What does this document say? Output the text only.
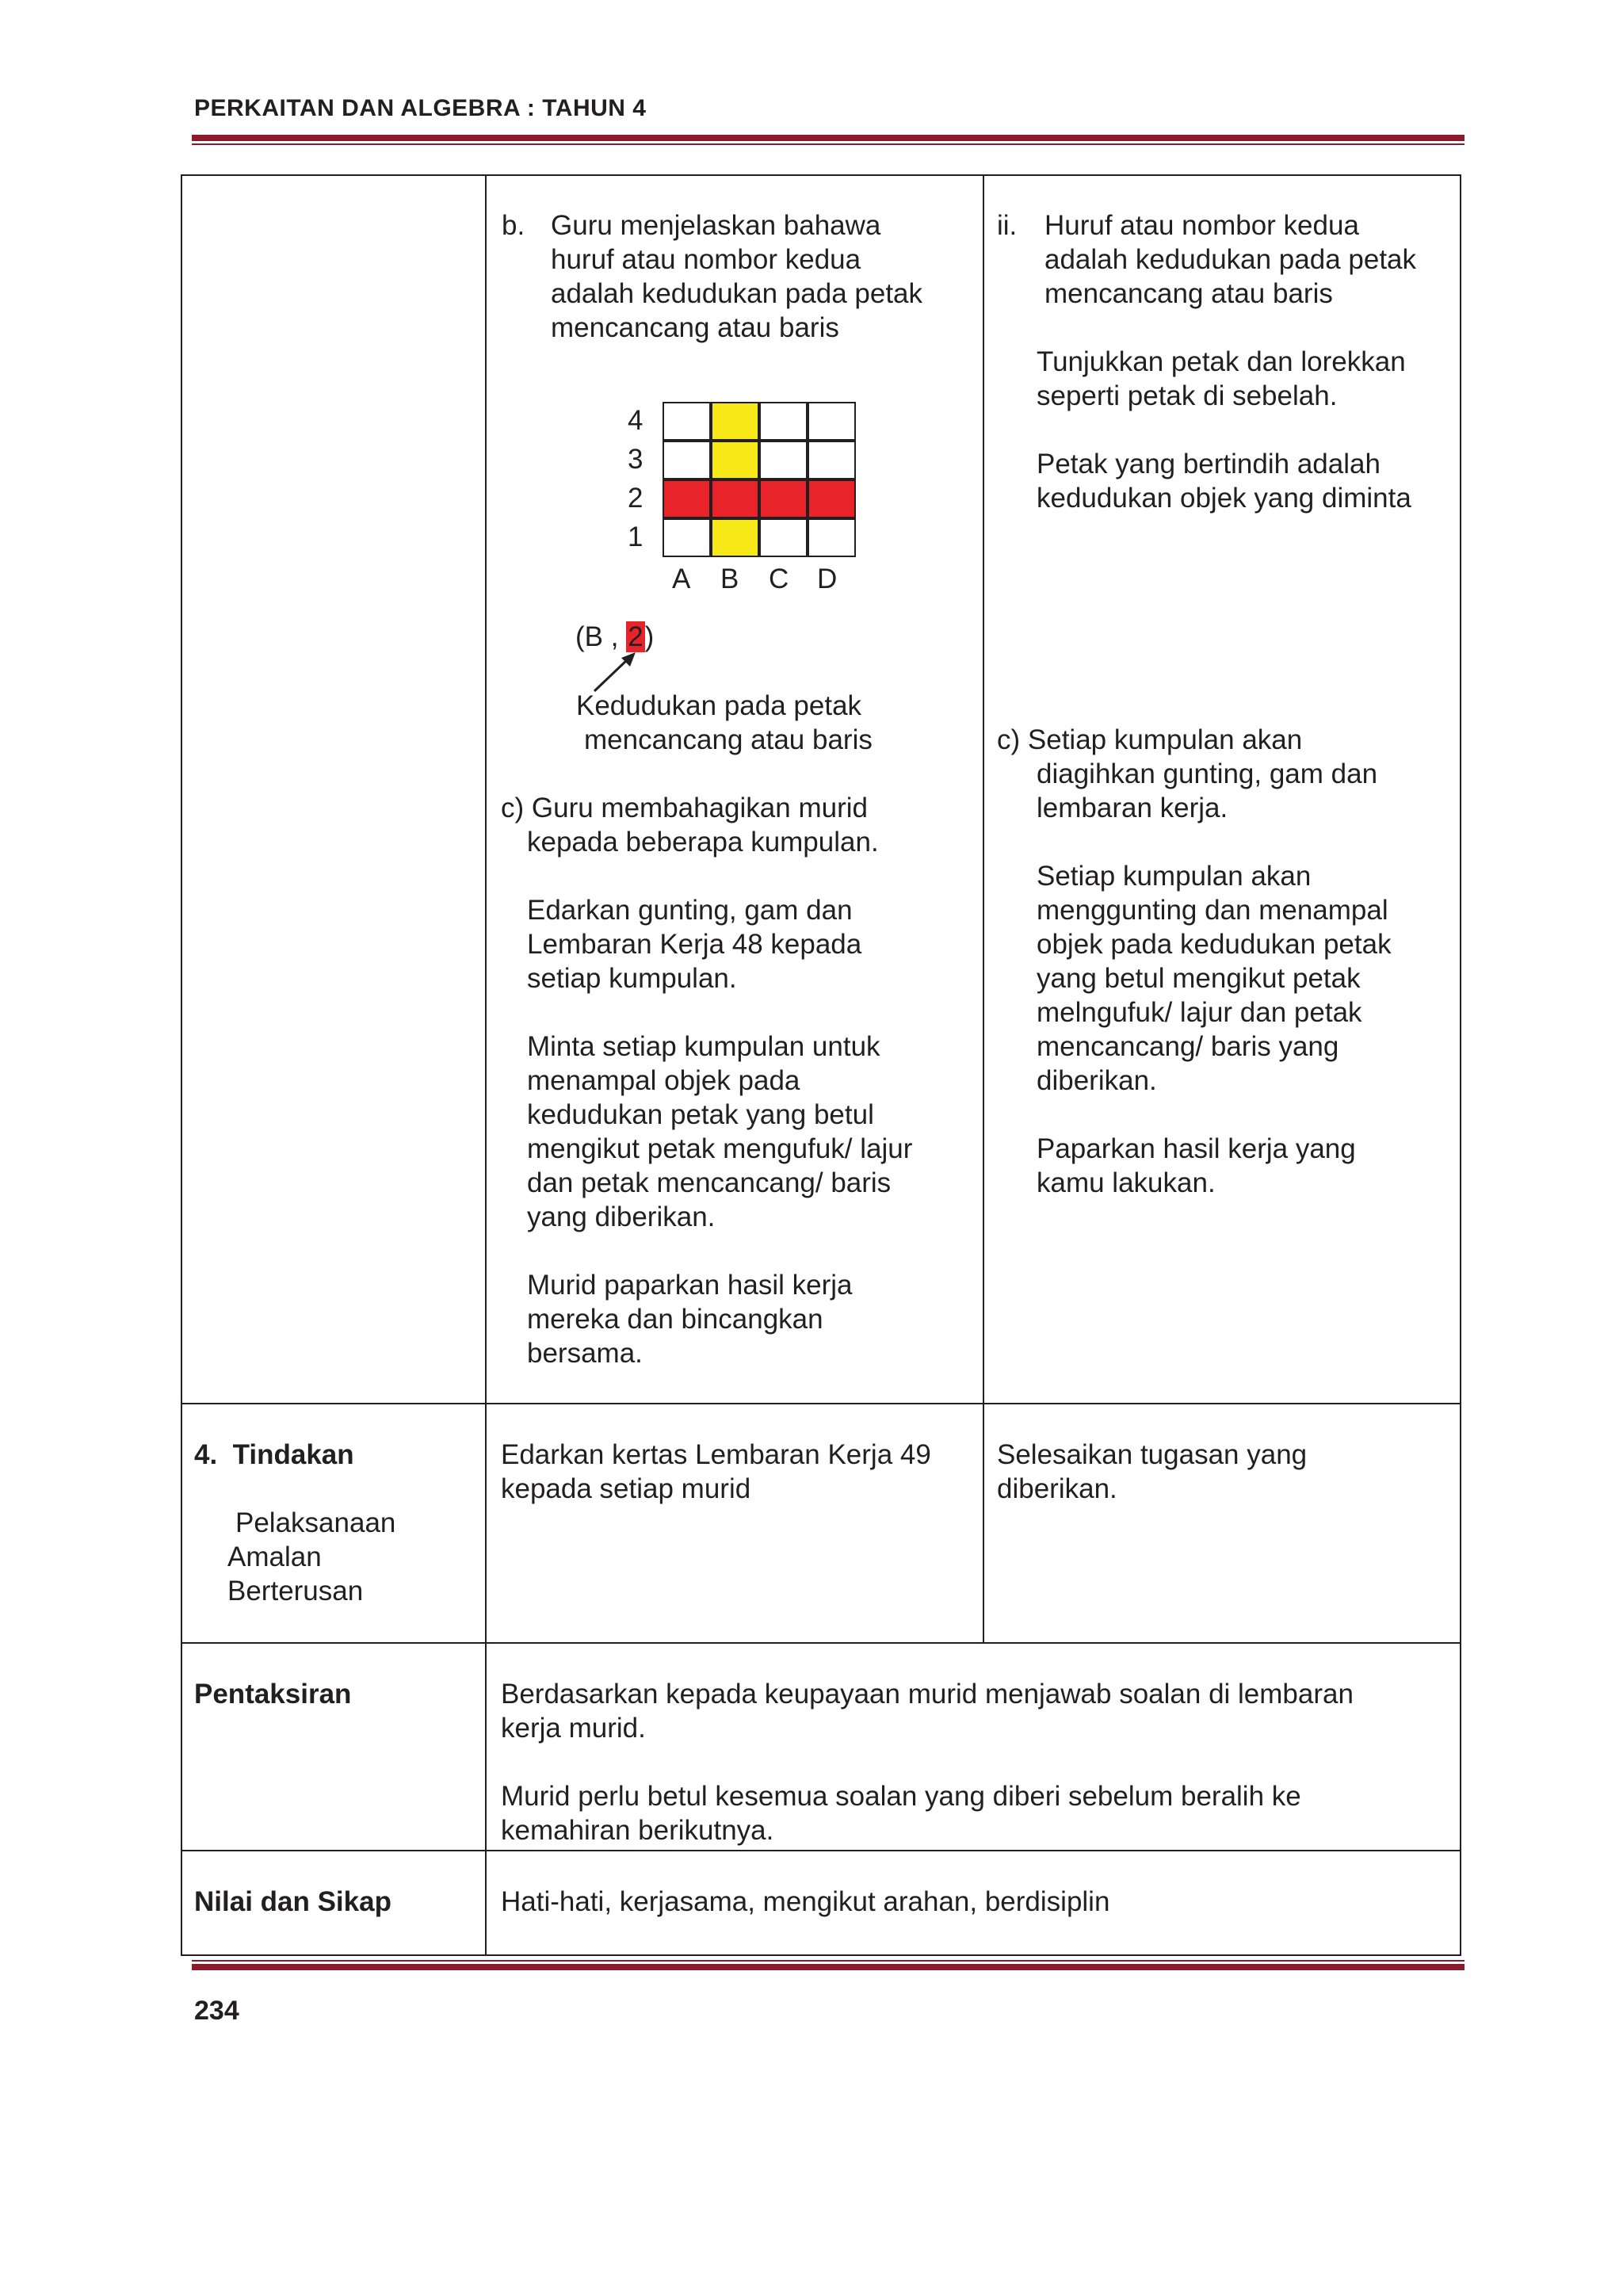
PERKAITAN DAN ALGEBRA : TAHUN 4
b. Guru menjelaskan bahawa
huruf atau nombor kedua
adalah kedudukan pada petak
mencancang atau baris
4
3
2
1
A B C D
(B , 2)
Kedudukan pada petak
mencancang atau baris
c) Guru membahagikan murid
kepada beberapa kumpulan.
Edarkan gunting, gam dan
Lembaran Kerja 48 kepada
setiap kumpulan.
Minta setiap kumpulan untuk
menampal objek pada
kedudukan petak yang betul
mengikut petak mengufuk/ lajur
dan petak mencancang/ baris
yang diberikan.
Murid paparkan hasil kerja
mereka dan bincangkan
bersama.
ii. Huruf atau nombor kedua
adalah kedudukan pada petak
mencancang atau baris
Tunjukkan petak dan lorekkan
seperti petak di sebelah.
Petak yang bertindih adalah
kedudukan objek yang diminta
c) Setiap kumpulan akan
diagihkan gunting, gam dan
lembaran kerja.
Setiap kumpulan akan
menggunting dan menampal
objek pada kedudukan petak
yang betul mengikut petak
melngufuk/ lajur dan petak
mencancang/ baris yang
diberikan.
Paparkan hasil kerja yang
kamu lakukan.
4.  Tindakan
Pelaksanaan
Amalan
Berterusan
Edarkan kertas Lembaran Kerja 49
kepada setiap murid
Selesaikan tugasan yang
diberikan.
Pentaksiran	Berdasarkan kepada keupayaan murid menjawab soalan di lembaran
kerja murid.
Murid perlu betul kesemua soalan yang diberi sebelum beralih ke
kemahiran berikutnya.
Nilai dan Sikap	Hati-hati, kerjasama, mengikut arahan, berdisiplin
234
